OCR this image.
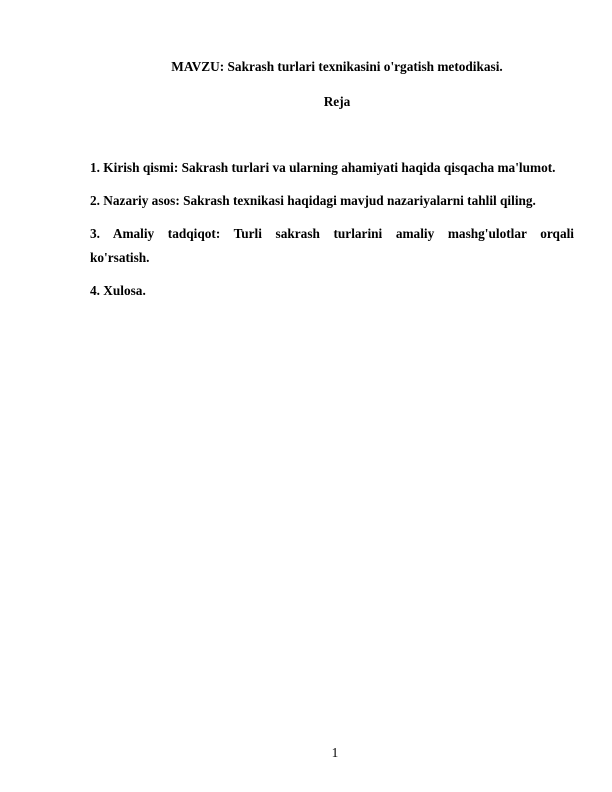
MAVZU: Sakrash turlari texnikasini o'rgatish metodikasi.

Reja

1. Kirish qismi: Sakrash turlari va ularning ahamiyati haqida qisqacha ma'lumot.
2. Nazariy asos: Sakrash texnikasi haqidagi mavjud nazariyalarni tahlil qiling.
3. Amaliy tadqiqot: Turli sakrash turlarini amaliy mashg'ulotlar orqali ko'rsatish.
4. Xulosa.
1
